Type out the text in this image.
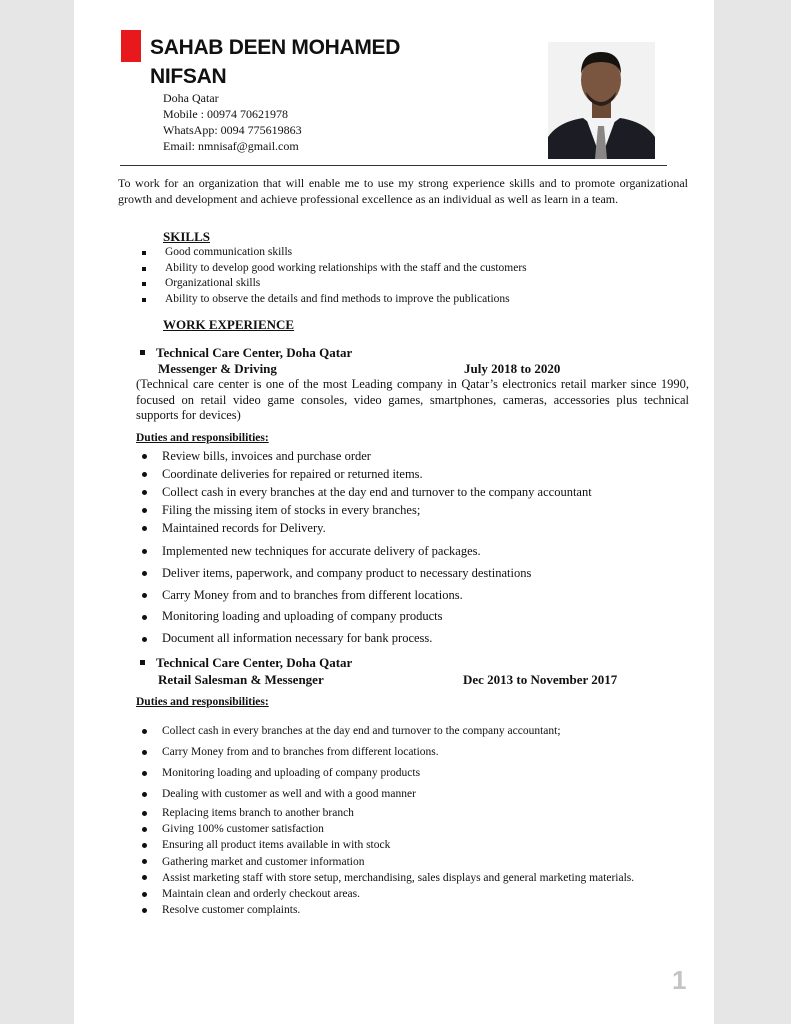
SAHAB DEEN MOHAMED
NIFSAN
Doha Qatar
Mobile : 00974 70621978
WhatsApp: 0094 775619863
Email: nmnisaf@gmail.com
To work for an organization that will enable me to use my strong experience skills and to promote organizational growth and development and achieve professional excellence as an individual as well as learn in a team.
SKILLS
Good communication skills
Ability to develop good working relationships with the staff and the customers
Organizational skills
Ability to observe the details and find methods to improve the publications
WORK EXPERIENCE
Technical Care Center, Doha Qatar
Messenger & Driving	July 2018 to 2020
(Technical care center is one of the most Leading company in Qatar’s electronics retail marker since 1990, focused on retail video game consoles, video games, smartphones, cameras, accessories plus technical supports for devices)
Duties and responsibilities:
Review bills, invoices and purchase order
Coordinate deliveries for repaired or returned items.
Collect cash in every branches at the day end and turnover to the company accountant
Filing the missing item of stocks in every branches;
Maintained records for Delivery.
Implemented new techniques for accurate delivery of packages.
Deliver items, paperwork, and company product to necessary destinations
Carry Money from and to branches from different locations.
Monitoring loading and uploading of company products
Document all information necessary for bank process.
Technical Care Center, Doha Qatar
Retail Salesman & Messenger	Dec 2013 to November 2017
Duties and responsibilities:
Collect cash in every branches at the day end and turnover to the company accountant;
Carry Money from and to branches from different locations.
Monitoring loading and uploading of company products
Dealing with customer as well and with a good manner
Replacing items branch to another branch
Giving 100% customer satisfaction
Ensuring all product items available in with stock
Gathering market and customer information
Assist marketing staff with store setup, merchandising, sales displays and general marketing materials.
Maintain clean and orderly checkout areas.
Resolve customer complaints.
1
